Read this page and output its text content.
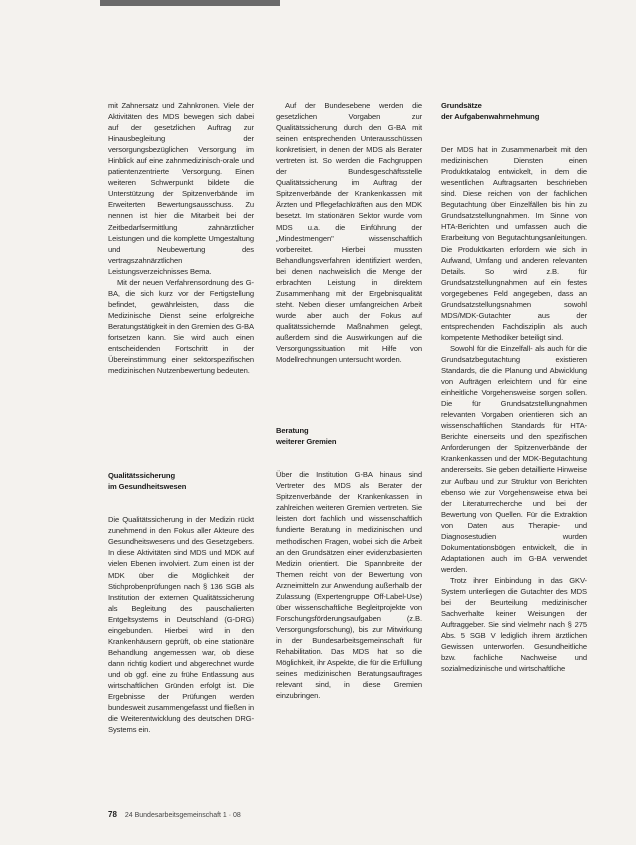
mit Zahnersatz und Zahnkronen. Viele der Aktivitäten des MDS bewegen sich dabei auf der gesetzlichen Auftrag zur Hinausbegleitung der versorgungsbezüglichen Versorgung im Hinblick auf eine zahnmedizinisch-orale und patientenzentrierte Versorgung. Einen weiteren Schwerpunkt bildete die Unterstützung der Spitzenverbände im Erweiterten Bewertungsausschuss. Zu nennen ist hier die Mitarbeit bei der Zeitbedarfsermittlung zahnärztlicher Leistungen und die komplette Umgestaltung und Neubewertung des vertragszahnärztlichen Leistungsverzeichnisses Bema.

Mit der neuen Verfahrensordnung des G-BA, die sich kurz vor der Fertigstellung befindet, gewährleisten, dass die Medizinische Dienst seine erfolgreiche Beratungstätigkeit in den Gremien des G-BA fortsetzen kann. Sie wird auch einen entscheidenden Fortschritt in der Übereinstimmung einer sektorspezifischen medizinischen Nutzenbewertung bedeuten.

Qualitätssicherung
im Gesundheitswesen

Die Qualitätssicherung in der Medizin rückt zunehmend in den Fokus aller Akteure des Gesundheitswesens und des Gesetzgebers. In diese Aktivitäten sind MDS und MDK auf vielen Ebenen involviert. Zum einen ist der MDK über die Möglichkeit der Stichprobenprüfungen nach § 136 SGB als Institution der externen Qualitätssicherung als Begleitung des pauschalierten Entgeltsystems in Deutschland (G-DRG) eingebunden. Hierbei wird in den Krankenhäusern geprüft, ob eine stationäre Behandlung angemessen war, ob diese dann richtig kodiert und abgerechnet wurde und ob ggf. eine zu frühe Entlassung aus wirtschaftlichen Gründen erfolgt ist. Die Ergebnisse der Prüfungen werden bundesweit zusammengefasst und fließen in die Weiterentwicklung des deutschen DRG-Systems ein.

Auf der Bundesebene werden die gesetzlichen Vorgaben zur Qualitätssicherung durch den G-BA mit seinen entsprechenden Unterausschüssen konkretisiert, in denen der MDS als Berater vertreten ist. So werden die Fachgruppen der Bundesgeschäftsstelle Qualitätssicherung im Auftrag der Spitzenverbände der Krankenkassen mit Ärzten und Pflegefachkräften aus den MDK besetzt. Im stationären Sektor wurde vom MDS u.a. die Einführung der „Mindestmengen" wissenschaftlich vorbereitet. Hierbei mussten Behandlungsverfahren identifiziert werden, bei denen nachweislich die Menge der erbrachten Leistung in direktem Zusammenhang mit der Ergebnisqualität steht. Neben dieser umfangreichen Arbeit wurde aber auch der Fokus auf qualitätssichernde Maßnahmen gelegt, außerdem sind die Auswirkungen auf die Versorgungssituation mit Hilfe von Modellrechnungen untersucht worden.

Beratung
weiterer Gremien

Über die Institution G-BA hinaus sind Vertreter des MDS als Berater der Spitzenverbände der Krankenkassen in zahlreichen weiteren Gremien vertreten. Sie leisten dort fachlich und wissenschaftlich fundierte Beratung in medizinischen und methodischen Fragen, wobei sich die Arbeit an den Grundsätzen einer evidenzbasierten Medizin orientiert. Die Spannbreite der Themen reicht von der Bewertung von Arzneimitteln zur Anwendung außerhalb der Zulassung (Expertengruppe Off-Label-Use) über wissenschaftliche Begleitprojekte von Forschungsförderungsaufgaben (z.B. Versorgungsforschung), bis zur Mitwirkung in der Bundesarbeitsgemeinschaft für Rehabilitation. Das MDS hat so die Möglichkeit, ihr Aspekte, die für die Erfüllung seines medizinischen Beratungsauftrages relevant sind, in diese Gremien einzubringen.

Grundsätze
der Aufgabenwahrnehmung

Der MDS hat in Zusammenarbeit mit den medizinischen Diensten einen Produktkatalog entwickelt, in dem die wesentlichen Auftragsarten beschrieben sind. Diese reichen von der fachlichen Begutachtung über Einzelfällen bis hin zu Grundsatzstellungnahmen. Im Sinne von HTA-Berichten und umfassen auch die Erarbeitung von Begutachtungsanleitungen. Die Produktkarten erfordern wie sich in Aufwand, Umfang und anderen relevanten Details. So wird z.B. für Grundsatzstellungnahmen auf ein festes vorgegebenes Feld angegeben, dass an Grundsatzstellungsnahmen sowohl MDS/MDK-Gutachter aus der entsprechenden Fachdisziplin als auch kompetente Methodiker beteiligt sind.

Sowohl für die Einzelfall- als auch für die Grundsatzbegutachtung existieren Standards, die die Planung und Abwicklung von Aufträgen erleichtern und für eine einheitliche Vorgehensweise sorgen sollen. Die für Grundsatzstellungnahmen relevanten Vorgaben orientieren sich an wissenschaftlichen Standards für HTA-Berichte einerseits und den spezifischen Anforderungen der Spitzenverbände der Krankenkassen und der MDK-Begutachtung andererseits. Sie geben detaillierte Hinweise zur Aufbau und zur Struktur von Berichten ebenso wie zur Vorgehensweise etwa bei der Literaturrecherche und bei der Bewertung von Quellen. Für die Extraktion von Daten aus Therapie- und Diagnosestudien wurden Dokumentationsbögen entwickelt, die in Adaptationen auch im G-BA verwendet werden.

Trotz ihrer Einbindung in das GKV-System unterliegen die Gutachter des MDS bei der Beurteilung medizinischer Sachverhalte keiner Weisungen der Auftraggeber. Sie sind vielmehr nach § 275 Abs. 5 SGB V lediglich ihrem ärztlichen Gewissen unterworfen. Gesundheitliche bzw. fachliche Nachweise und sozialmedizinische und wirtschaftliche

78 24 Bundesarbeitsgemeinschaft 1 · 08
